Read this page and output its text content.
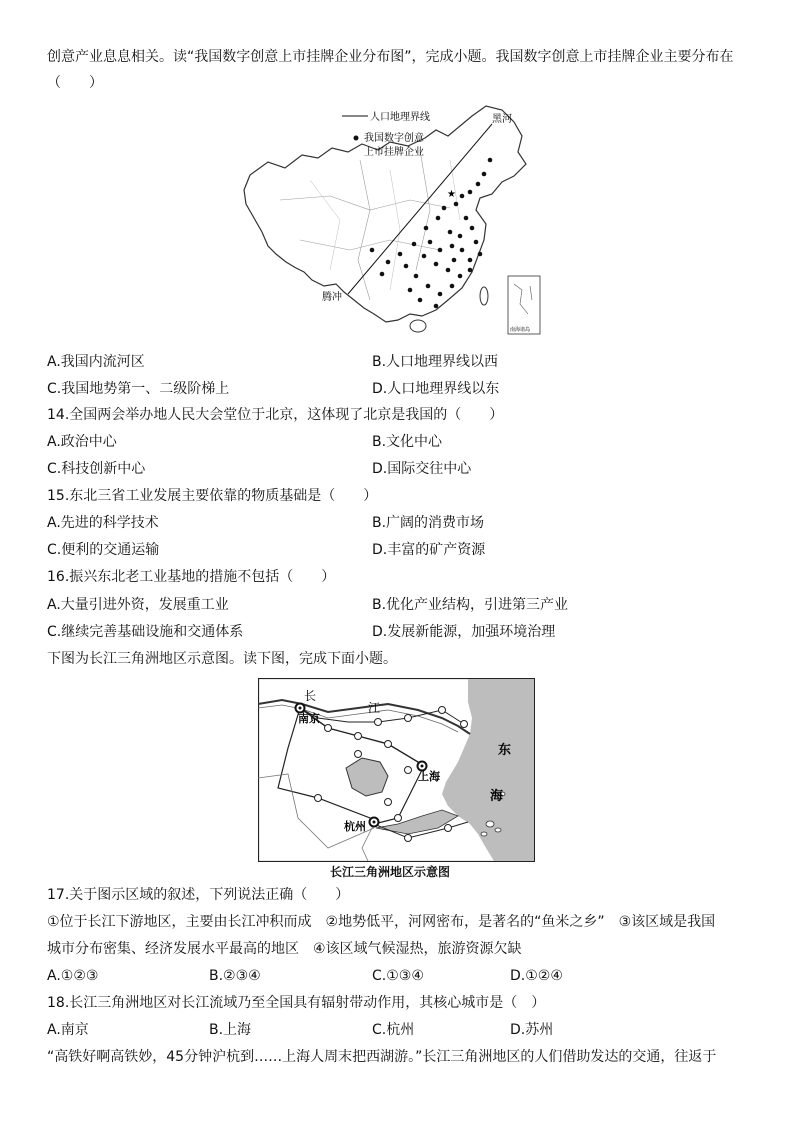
创意产业息息相关。读“我国数字创意上市挂牌企业分布图”，完成小题。我国数字创意上市挂牌企业主要分布在
（　　）
人口地理界线
我国数字创意
上市挂牌企业
黑河
腾冲
★
南海诸岛
A.我国内流河区	B.人口地理界线以西
C.我国地势第一、二级阶梯上	D.人口地理界线以东
14.全国两会举办地人民大会堂位于北京，这体现了北京是我国的（　　）
A.政治中心	B.文化中心
C.科技创新中心	D.国际交往中心
15.东北三省工业发展主要依靠的物质基础是（　　）
A.先进的科学技术	B.广阔的消费市场
C.便利的交通运输	D.丰富的矿产资源
16.振兴东北老工业基地的措施不包括（　　）
A.大量引进外资，发展重工业	B.优化产业结构，引进第三产业
C.继续完善基础设施和交通体系	D.发展新能源，加强环境治理
下图为长江三角洲地区示意图。读下图，完成下面小题。
长
江
南京
上海
杭州
东
海
长江三角洲地区示意图
17.关于图示区域的叙述，下列说法正确（　　）
①位于长江下游地区，主要由长江冲积而成　②地势低平，河网密布，是著名的“鱼米之乡”　③该区域是我国
城市分布密集、经济发展水平最高的地区　④该区域气候湿热，旅游资源欠缺
A.①②③	B.②③④	C.①③④	D.①②④
18.长江三角洲地区对长江流域乃至全国具有辐射带动作用，其核心城市是（　）
A.南京	B.上海	C.杭州	D.苏州
“高铁好啊高铁妙，45分钟沪杭到……上海人周末把西湖游。”长江三角洲地区的人们借助发达的交通，往返于
